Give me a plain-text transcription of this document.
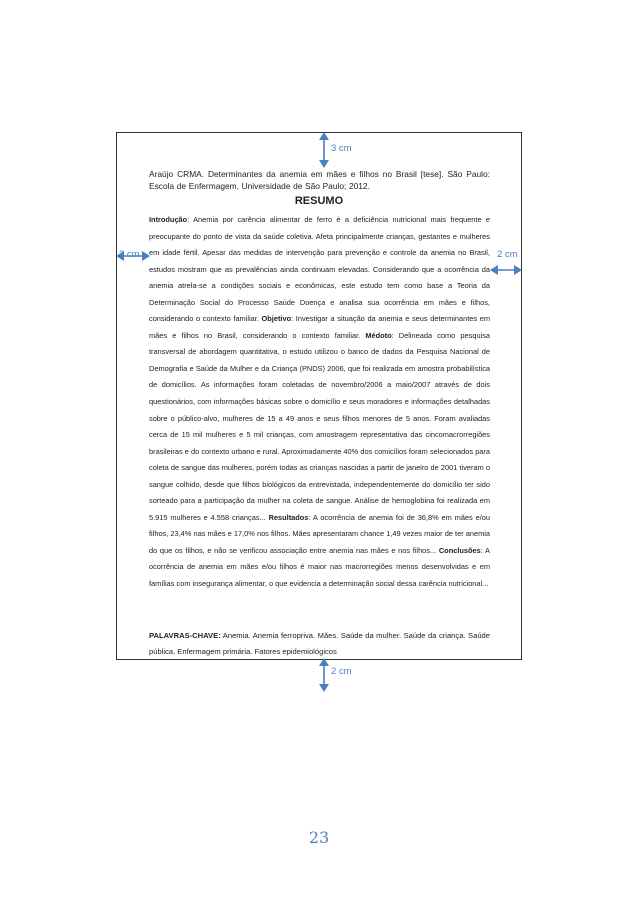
3 cm
3 cm	2 cm
Araújo CRMA. Determinantes da anemia em mães e filhos no Brasil [tese]. São Paulo: Escola de Enfermagem, Universidade de São Paulo; 2012.
RESUMO

Introdução: Anemia por carência alimentar de ferro é a deficiência nutricional mais frequente e preocupante do ponto de vista da saúde coletiva. Afeta principalmente crianças, gestantes e mulheres em idade fértil. Apesar das medidas de intervenção para prevenção e controle da anemia no Brasil, estudos mostram que as prevalências ainda continuam elevadas. Considerando que a ocorrência da anemia atrela-se a condições sociais e econômicas, este estudo tem como base a Teoria da Determinação Social do Processo Saúde Doença e analisa sua ocorrência em mães e filhos, considerando o contexto familiar. Objetivo: Investigar a situação da anemia e seus determinantes em mães e filhos no Brasil, considerando o contexto familiar. Médoto: Delineada como pesquisa transversal de abordagem quantitativa, o estudo utilizou o banco de dados da Pesquisa Nacional de Demografia e Saúde da Mulher e da Criança (PNDS) 2006, que foi realizada em amostra probabilística de domicílios. As informações foram coletadas de novembro/2006 a maio/2007 através de dois questionários, com informações básicas sobre o domicílio e seus moradores e informações detalhadas sobre o público-alvo, mulheres de 15 a 49 anos e seus filhos menores de 5 anos. Foram avaliadas cerca de 15 mil mulheres e 5 mil crianças, com amostragem representativa das cincomacrorregiões brasileiras e do contexto urbano e rural. Aproximadamente 40% dos comicílios foram selecionados para coleta de sangue das mulheres, porém todas as crianças nascidas a partir de janeiro de 2001 tiveram o sangue colhido, desde que filhos biológicos da entrevistada, independentemente do domicílio ter sido sorteado para a participação da mulher na coleta de sangue. Análise de hemoglobina foi realizada em 5.915 mulheres e 4.558 crianças... Resultados: A ocorrência de anemia foi de 36,8% em mães e/ou filhos, 23,4% nas mães e 17,0% nos filhos. Mães apresentaram chance 1,49 vezes maior de ter anemia do que os filhos, e não se verificou associação entre anemia nas mães e nos filhos... Conclusões: A ocorrência de anemia em mães e/ou filhos é maior nas macrorregiões menos desenvolvidas e em famílias com insegurança alimentar, o que evidencia a determinação social dessa carência nutricional...

PALAVRAS-CHAVE: Anemia. Anemia ferropriva. Mães. Saúde da mulher. Saúde da criança. Saúde pública. Enfermagem primária. Fatores epidemiológicos

2 cm
23
